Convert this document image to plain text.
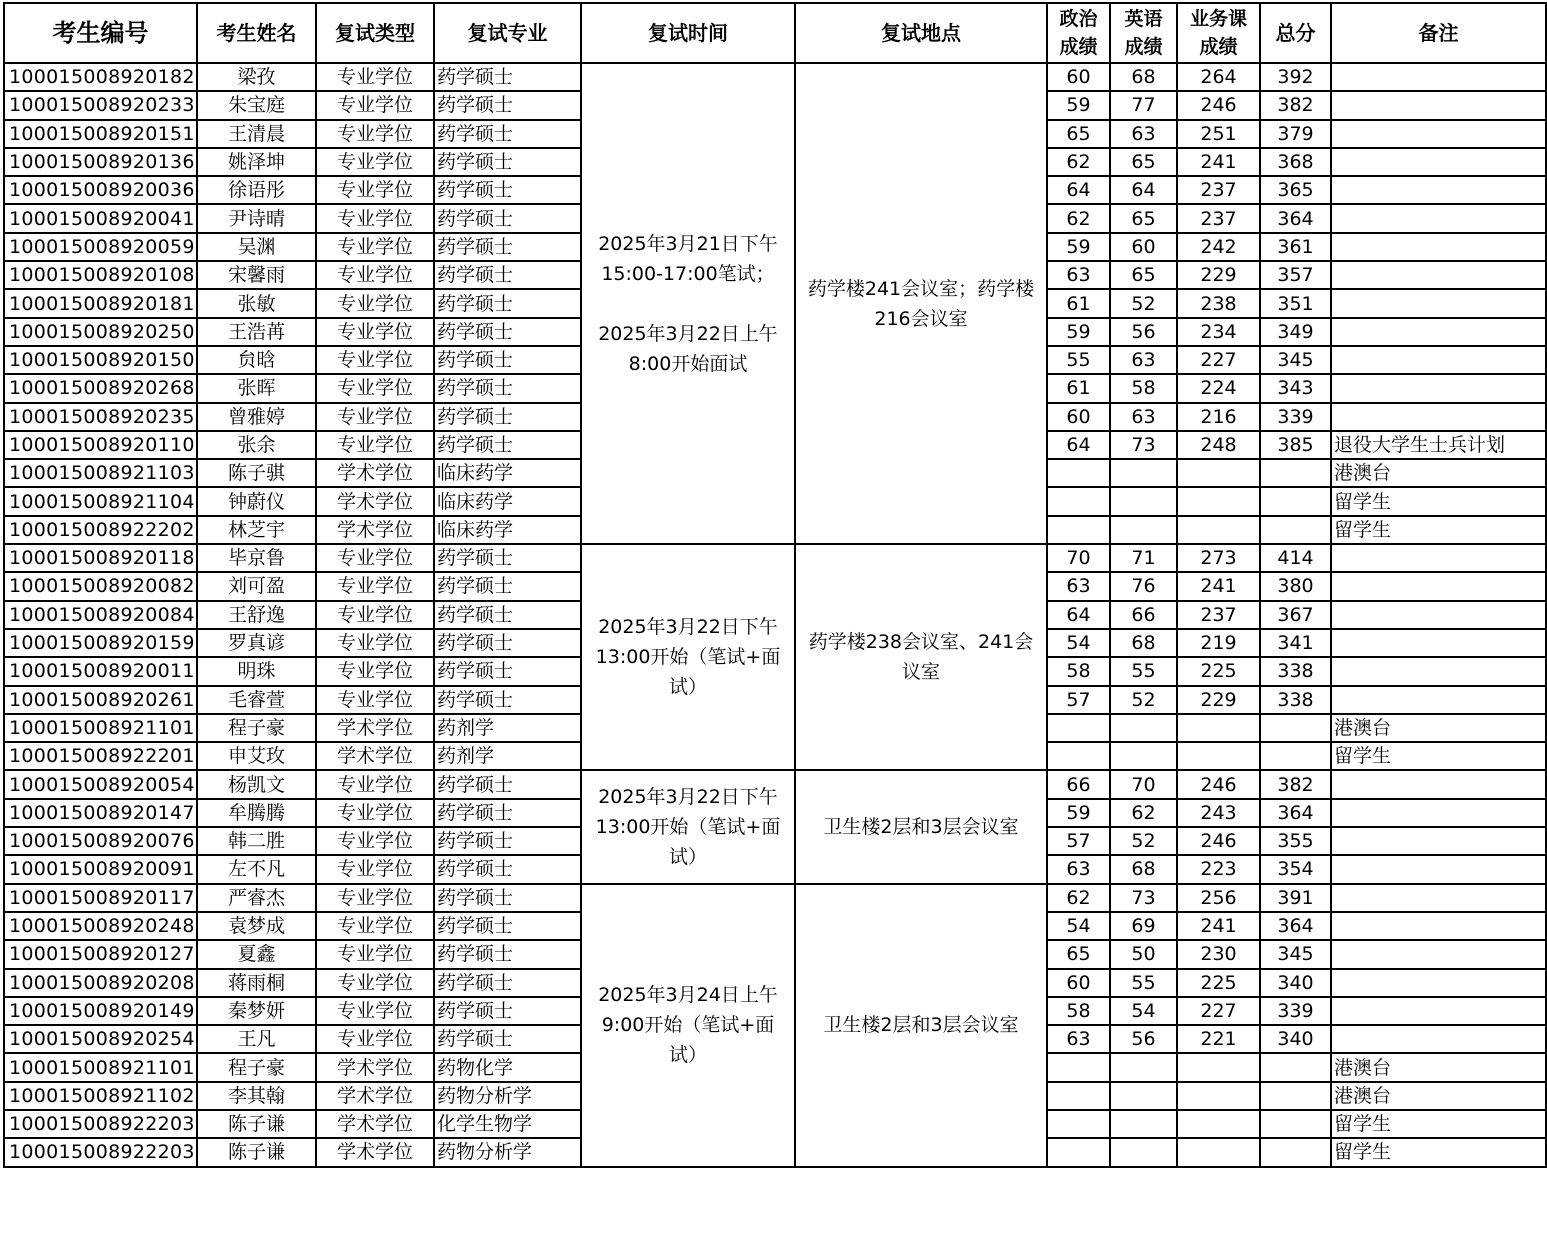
考生编号	考生姓名	复试类型	复试专业	复试时间	复试地点	政治
成绩	英语
成绩	业务课
成绩	总分	备注
100015008920182	梁孜	专业学位	药学硕士	2025年3月21日下午
15:00-17:00笔试；

2025年3月22日上午
8:00开始面试	药学楼241会议室；药学楼
216会议室	60	68	264	392	
100015008920233	朱宝庭	专业学位	药学硕士			59	77	246	382	
100015008920151	王清晨	专业学位	药学硕士			65	63	251	379	
100015008920136	姚泽坤	专业学位	药学硕士			62	65	241	368	
100015008920036	徐语彤	专业学位	药学硕士			64	64	237	365	
100015008920041	尹诗晴	专业学位	药学硕士			62	65	237	364	
100015008920059	吴渊	专业学位	药学硕士			59	60	242	361	
100015008920108	宋馨雨	专业学位	药学硕士			63	65	229	357	
100015008920181	张敏	专业学位	药学硕士			61	52	238	351	
100015008920250	王浩苒	专业学位	药学硕士			59	56	234	349	
100015008920150	贠晗	专业学位	药学硕士			55	63	227	345	
100015008920268	张晖	专业学位	药学硕士			61	58	224	343	
100015008920235	曾雅婷	专业学位	药学硕士			60	63	216	339	
100015008920110	张余	专业学位	药学硕士			64	73	248	385	退役大学生士兵计划
100015008921103	陈子骐	学术学位	临床药学							港澳台
100015008921104	钟蔚仪	学术学位	临床药学							留学生
100015008922202	林芝宇	学术学位	临床药学							留学生
100015008920118	毕京鲁	专业学位	药学硕士	2025年3月22日下午
13:00开始（笔试+面
试）	药学楼238会议室、241会
议室	70	71	273	414	
100015008920082	刘可盈	专业学位	药学硕士			63	76	241	380	
100015008920084	王舒逸	专业学位	药学硕士			64	66	237	367	
100015008920159	罗真谚	专业学位	药学硕士			54	68	219	341	
100015008920011	明珠	专业学位	药学硕士			58	55	225	338	
100015008920261	毛睿萱	专业学位	药学硕士			57	52	229	338	
100015008921101	程子豪	学术学位	药剂学							港澳台
100015008922201	申艾玫	学术学位	药剂学							留学生
100015008920054	杨凯文	专业学位	药学硕士	2025年3月22日下午
13:00开始（笔试+面
试）	卫生楼2层和3层会议室	66	70	246	382	
100015008920147	牟腾腾	专业学位	药学硕士			59	62	243	364	
100015008920076	韩二胜	专业学位	药学硕士			57	52	246	355	
100015008920091	左不凡	专业学位	药学硕士			63	68	223	354	
100015008920117	严睿杰	专业学位	药学硕士	2025年3月24日上午
9:00开始（笔试+面
试）	卫生楼2层和3层会议室	62	73	256	391	
100015008920248	袁梦成	专业学位	药学硕士			54	69	241	364	
100015008920127	夏鑫	专业学位	药学硕士			65	50	230	345	
100015008920208	蒋雨桐	专业学位	药学硕士			60	55	225	340	
100015008920149	秦梦妍	专业学位	药学硕士			58	54	227	339	
100015008920254	王凡	专业学位	药学硕士			63	56	221	340	
100015008921101	程子豪	学术学位	药物化学							港澳台
100015008921102	李其翰	学术学位	药物分析学							港澳台
100015008922203	陈子谦	学术学位	化学生物学							留学生
100015008922203	陈子谦	学术学位	药物分析学							留学生
